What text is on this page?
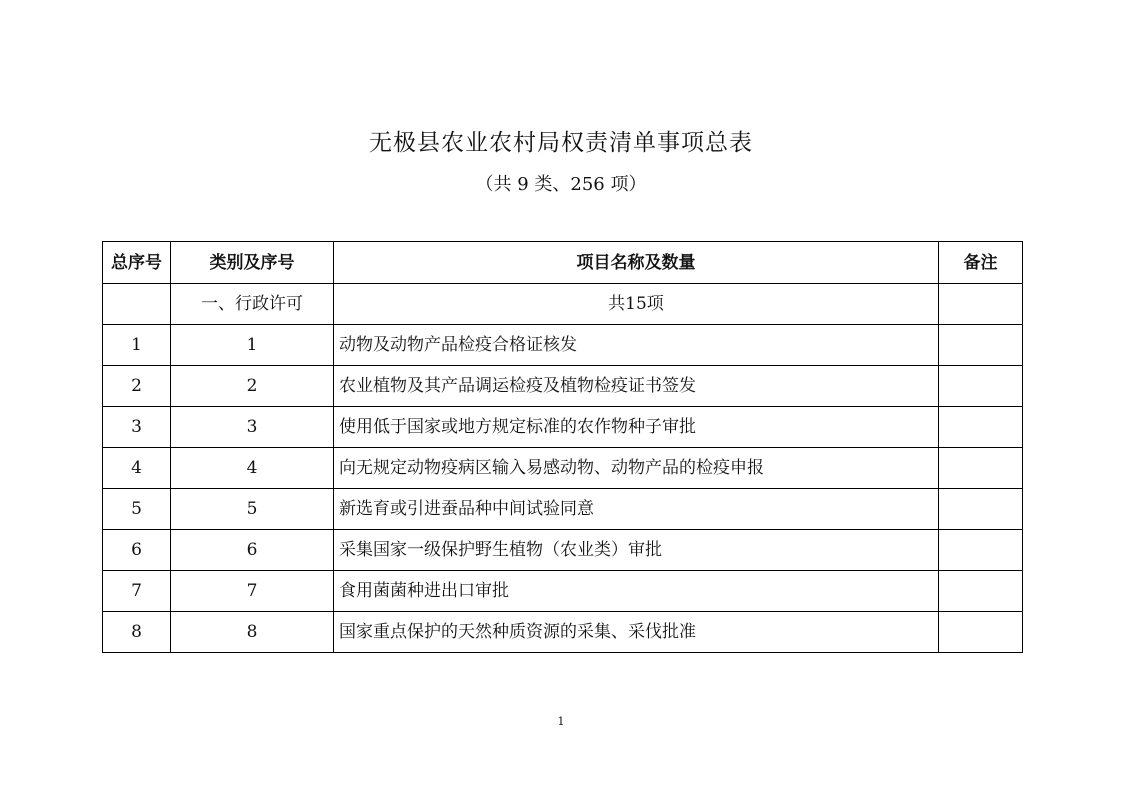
无极县农业农村局权责清单事项总表
（共 9 类、256 项）
总序号	类别及序号	项目名称及数量	备注
	一、行政许可	共15项	
1	1	动物及动物产品检疫合格证核发	
2	2	农业植物及其产品调运检疫及植物检疫证书签发	
3	3	使用低于国家或地方规定标准的农作物种子审批	
4	4	向无规定动物疫病区输入易感动物、动物产品的检疫申报	
5	5	新选育或引进蚕品种中间试验同意	
6	6	采集国家一级保护野生植物（农业类）审批	
7	7	食用菌菌种进出口审批	
8	8	国家重点保护的天然种质资源的采集、采伐批准	
1
